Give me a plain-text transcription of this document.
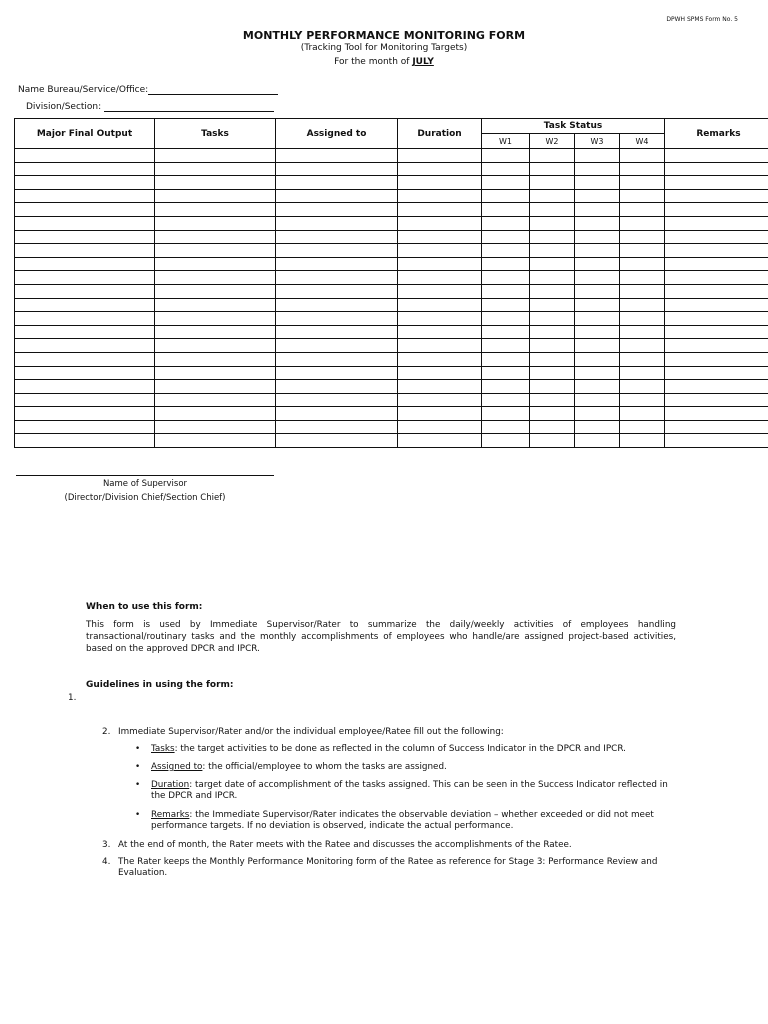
DPWH SPMS Form No. 5
MONTHLY PERFORMANCE MONITORING FORM
(Tracking Tool for Monitoring Targets)
For the month of JULY
Name Bureau/Service/Office:
Division/Section:
Major Final Output	Tasks	Assigned to	Duration	Task Status				Remarks
				W1	W2	W3	W4	

Name of Supervisor
(Director/Division Chief/Section Chief)
When to use this form:
This form is used by Immediate Supervisor/Rater to summarize the daily/weekly activities of employees handling transactional/routinary tasks and the monthly accomplishments of employees who handle/are assigned project-based activities, based on the approved DPCR and IPCR.
Guidelines in using the form:
1.
2. Immediate Supervisor/Rater and/or the individual employee/Ratee fill out the following:
• Tasks: the target activities to be done as reflected in the column of Success Indicator in the DPCR and IPCR.
• Assigned to: the official/employee to whom the tasks are assigned.
• Duration: target date of accomplishment of the tasks assigned. This can be seen in the Success Indicator reflected in the DPCR and IPCR.
• Remarks: the Immediate Supervisor/Rater indicates the observable deviation – whether exceeded or did not meet performance targets. If no deviation is observed, indicate the actual performance.
3. At the end of month, the Rater meets with the Ratee and discusses the accomplishments of the Ratee.
4. The Rater keeps the Monthly Performance Monitoring form of the Ratee as reference for Stage 3: Performance Review and Evaluation.
